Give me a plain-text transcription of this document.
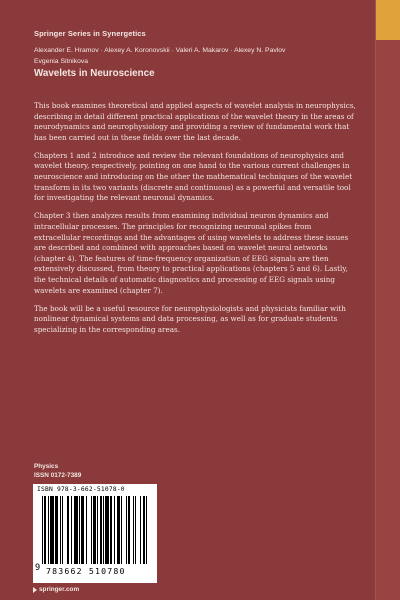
Springer Series in Synergetics
Alexander E. Hramov · Alexey A. Koronovskii · Valeri A. Makarov · Alexey N. Pavlov
Evgenia Sitnikova
Wavelets in Neuroscience

This book examines theoretical and applied aspects of wavelet analysis in neurophysics, describing in detail different practical applications of the wavelet theory in the areas of neurodynamics and neurophysiology and providing a review of fundamental work that has been carried out in these fields over the last decade.

Chapters 1 and 2 introduce and review the relevant foundations of neurophysics and wavelet theory, respectively, pointing on one hand to the various current challenges in neuroscience and introducing on the other the mathematical techniques of the wavelet transform in its two variants (discrete and continuous) as a powerful and versatile tool for investigating the relevant neuronal dynamics.

Chapter 3 then analyzes results from examining individual neuron dynamics and intracellular processes. The principles for recognizing neuronal spikes from extracellular recordings and the advantages of using wavelets to address these issues are described and combined with approaches based on wavelet neural networks (chapter 4). The features of time-frequency organization of EEG signals are then extensively discussed, from theory to practical applications (chapters 5 and 6). Lastly, the technical details of automatic diagnostics and processing of EEG signals using wavelets are examined (chapter 7).

The book will be a useful resource for neurophysiologists and physicists familiar with nonlinear dynamical systems and data processing, as well as for graduate students specializing in the corresponding areas.

Physics
ISSN 0172-7389
ISBN 978-3-662-51078-0
9 783662 510780
springer.com
